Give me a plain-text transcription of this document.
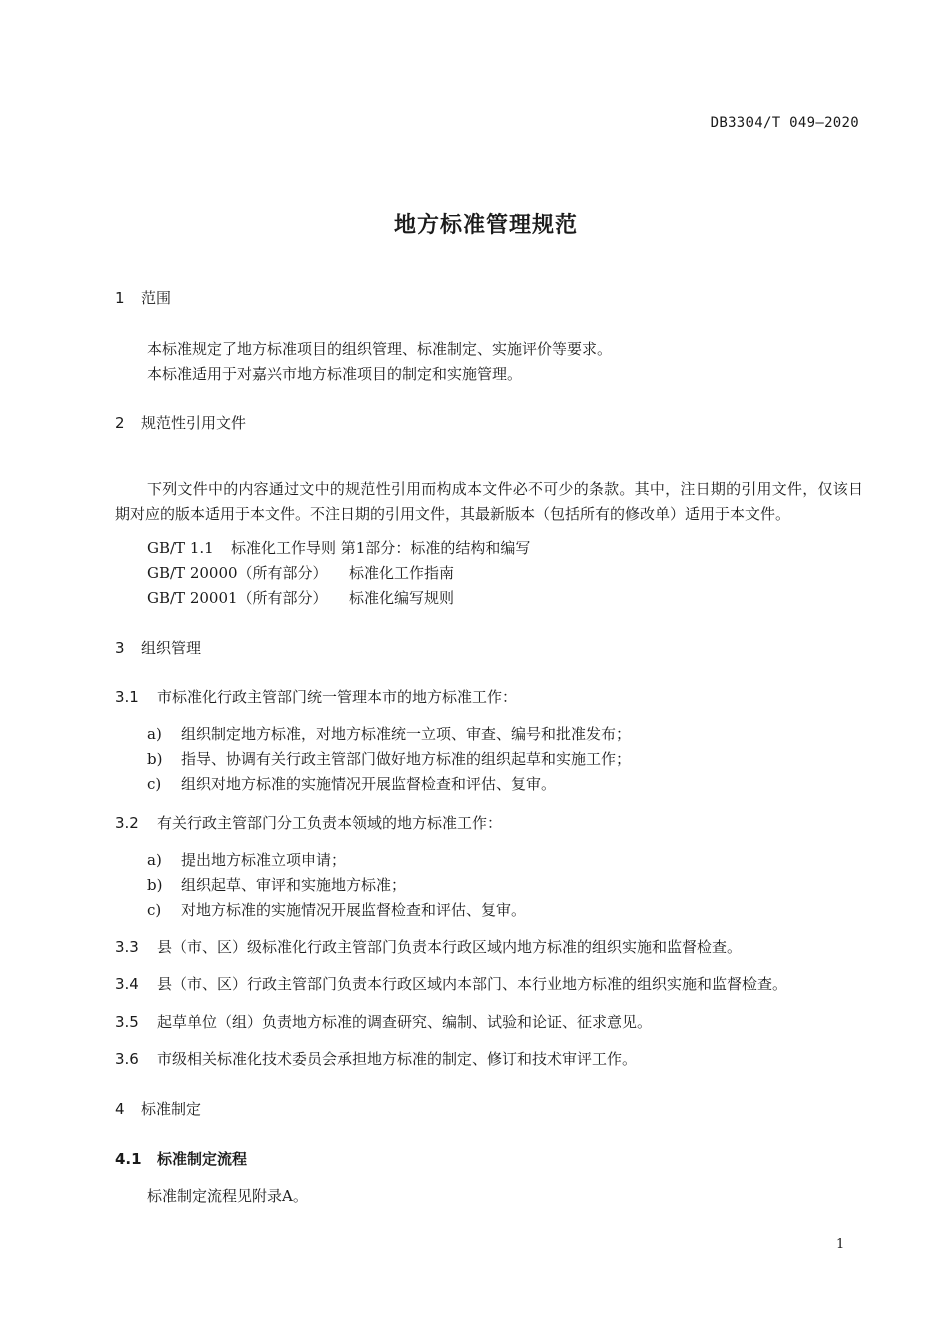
DB3304/T 049—2020
地方标准管理规范
1 范围

本标准规定了地方标准项目的组织管理、标准制定、实施评价等要求。

本标准适用于对嘉兴市地方标准项目的制定和实施管理。

2 规范性引用文件

下列文件中的内容通过文中的规范性引用而构成本文件必不可少的条款。其中，注日期的引用文件，仅该日期对应的版本适用于本文件。不注日期的引用文件，其最新版本（包括所有的修改单）适用于本文件。

GB/T 1.1 标准化工作导则 第1部分：标准的结构和编写
GB/T 20000（所有部分） 标准化工作指南
GB/T 20001（所有部分） 标准化编写规则
3 组织管理
3.1 市标准化行政主管部门统一管理本市的地方标准工作：
a) 组织制定地方标准，对地方标准统一立项、审查、编号和批准发布；
b) 指导、协调有关行政主管部门做好地方标准的组织起草和实施工作；
c) 组织对地方标准的实施情况开展监督检查和评估、复审。
3.2 有关行政主管部门分工负责本领域的地方标准工作：
a) 提出地方标准立项申请；
b) 组织起草、审评和实施地方标准；
c) 对地方标准的实施情况开展监督检查和评估、复审。
3.3 县（市、区）级标准化行政主管部门负责本行政区域内地方标准的组织实施和监督检查。
3.4 县（市、区）行政主管部门负责本行政区域内本部门、本行业地方标准的组织实施和监督检查。
3.5 起草单位（组）负责地方标准的调查研究、编制、试验和论证、征求意见。
3.6 市级相关标准化技术委员会承担地方标准的制定、修订和技术审评工作。
4 标准制定
4.1 标准制定流程

标准制定流程见附录A。

1
